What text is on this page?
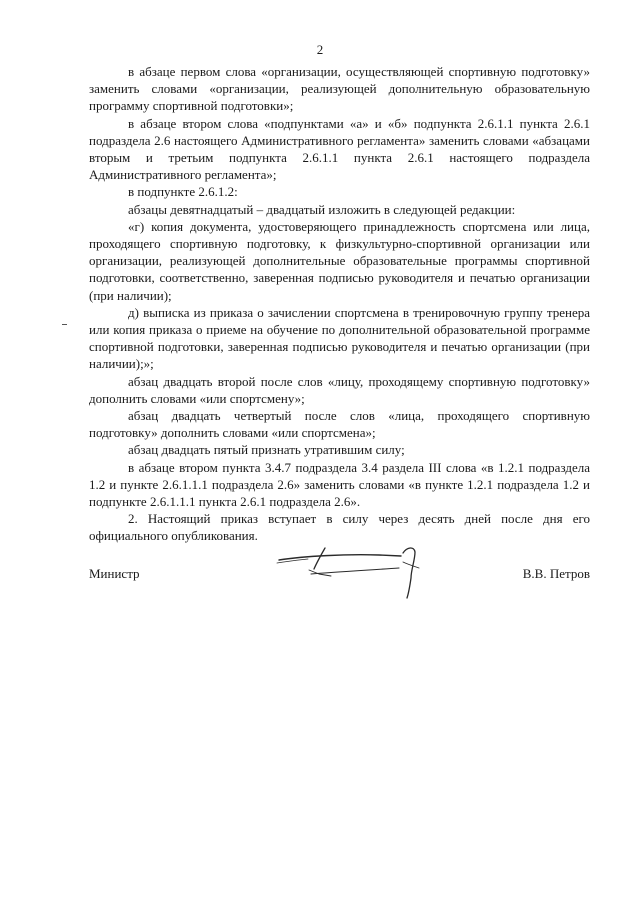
2

в абзаце первом слова «организации, осуществляющей спортивную подготовку» заменить словами «организации, реализующей дополнительную образовательную программу спортивной подготовки»;

в абзаце втором слова «подпунктами «а» и «б» подпункта 2.6.1.1 пункта 2.6.1 подраздела 2.6 настоящего Административного регламента» заменить словами «абзацами вторым и третьим подпункта 2.6.1.1 пункта 2.6.1 настоящего подраздела Административного регламента»;

в подпункте 2.6.1.2:

абзацы девятнадцатый – двадцатый изложить в следующей редакции:

«г) копия документа, удостоверяющего принадлежность спортсмена или лица, проходящего спортивную подготовку, к физкультурно-спортивной организации или организации, реализующей дополнительные образовательные программы спортивной подготовки, соответственно, заверенная подписью руководителя и печатью организации (при наличии);

д) выписка из приказа о зачислении спортсмена в тренировочную группу тренера или копия приказа о приеме на обучение по дополнительной образовательной программе спортивной подготовки, заверенная подписью руководителя и печатью организации (при наличии);»;

абзац двадцать второй после слов «лицу, проходящему спортивную подготовку» дополнить словами «или спортсмену»;

абзац двадцать четвертый после слов «лица, проходящего спортивную подготовку» дополнить словами «или спортсмена»;

абзац двадцать пятый признать утратившим силу;

в абзаце втором пункта 3.4.7 подраздела 3.4 раздела III слова «в 1.2.1 подраздела 1.2 и пункте 2.6.1.1.1 подраздела 2.6» заменить словами «в пункте 1.2.1 подраздела 1.2 и подпункте 2.6.1.1.1 пункта 2.6.1 подраздела 2.6».

2. Настоящий приказ вступает в силу через десять дней после дня его официального опубликования.

Министр	В.В. Петров
